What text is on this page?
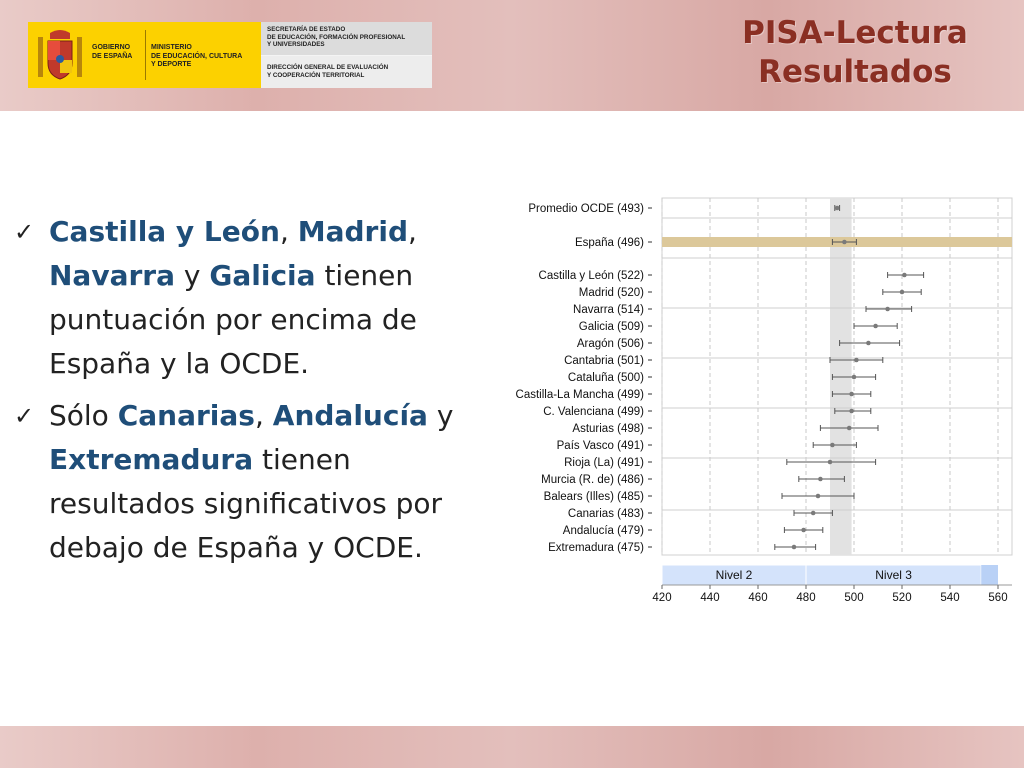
GOBIERNO
DE ESPAÑA
MINISTERIO
DE EDUCACIÓN, CULTURA
Y DEPORTE
SECRETARÍA DE ESTADO
DE EDUCACIÓN, FORMACIÓN PROFESIONAL
Y UNIVERSIDADES
DIRECCIÓN GENERAL DE EVALUACIÓN
Y COOPERACIÓN TERRITORIAL
PISA-Lectura
Resultados
✓ Castilla y León, Madrid, Navarra y Galicia tienen puntuación por encima de España y la OCDE.
✓ Sólo Canarias, Andalucía y Extremadura tienen resultados significativos por debajo de España y OCDE.
Promedio OCDE (493)
España (496)
Castilla y León (522)
Madrid (520)
Navarra (514)
Galicia (509)
Aragón (506)
Cantabria (501)
Cataluña (500)
Castilla-La Mancha (499)
C. Valenciana (499)
Asturias (498)
País Vasco (491)
Rioja (La) (491)
Murcia (R. de) (486)
Balears (Illes) (485)
Canarias (483)
Andalucía (479)
Extremadura (475)
Nivel 2	Nivel 3
420	440	460	480	500	520	540	560
